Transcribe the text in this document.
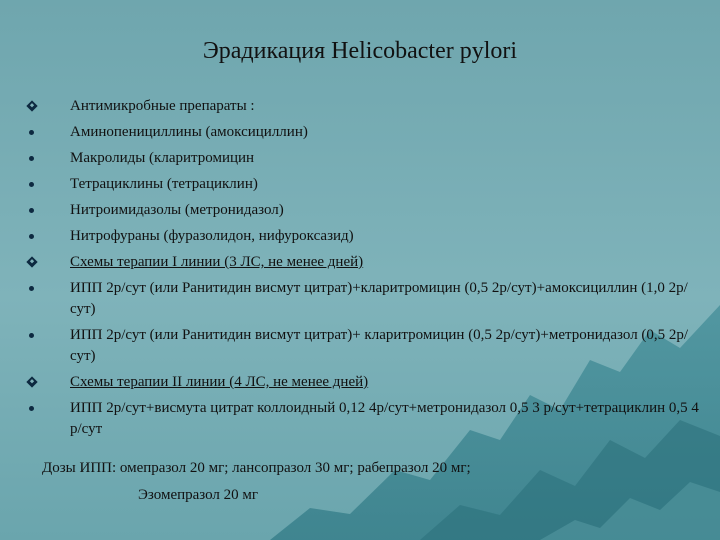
Эрадикация Helicobacter pylori
Антимикробные препараты :
Аминопенициллины (амоксициллин)
Макролиды (кларитромицин
Тетрациклины (тетрациклин)
Нитроимидазолы (метронидазол)
Нитрофураны (фуразолидон, нифуроксазид)
Схемы терапии I линии (3 ЛС, не менее дней)
ИПП 2р/сут (или Ранитидин висмут цитрат)+кларитромицин (0,5 2р/сут)+амоксициллин (1,0 2р/сут)
ИПП 2р/сут (или Ранитидин висмут цитрат)+ кларитромицин (0,5 2р/сут)+метронидазол (0,5 2р/сут)
Схемы терапии II линии (4 ЛС, не менее дней)
ИПП 2р/сут+висмута цитрат коллоидный 0,12 4р/сут+метронидазол 0,5 3 р/сут+тетрациклин 0,5 4 р/сут

Дозы ИПП: омепразол 20 мг; лансопразол 30 мг; рабепразол 20 мг;

Эзомепразол 20 мг
